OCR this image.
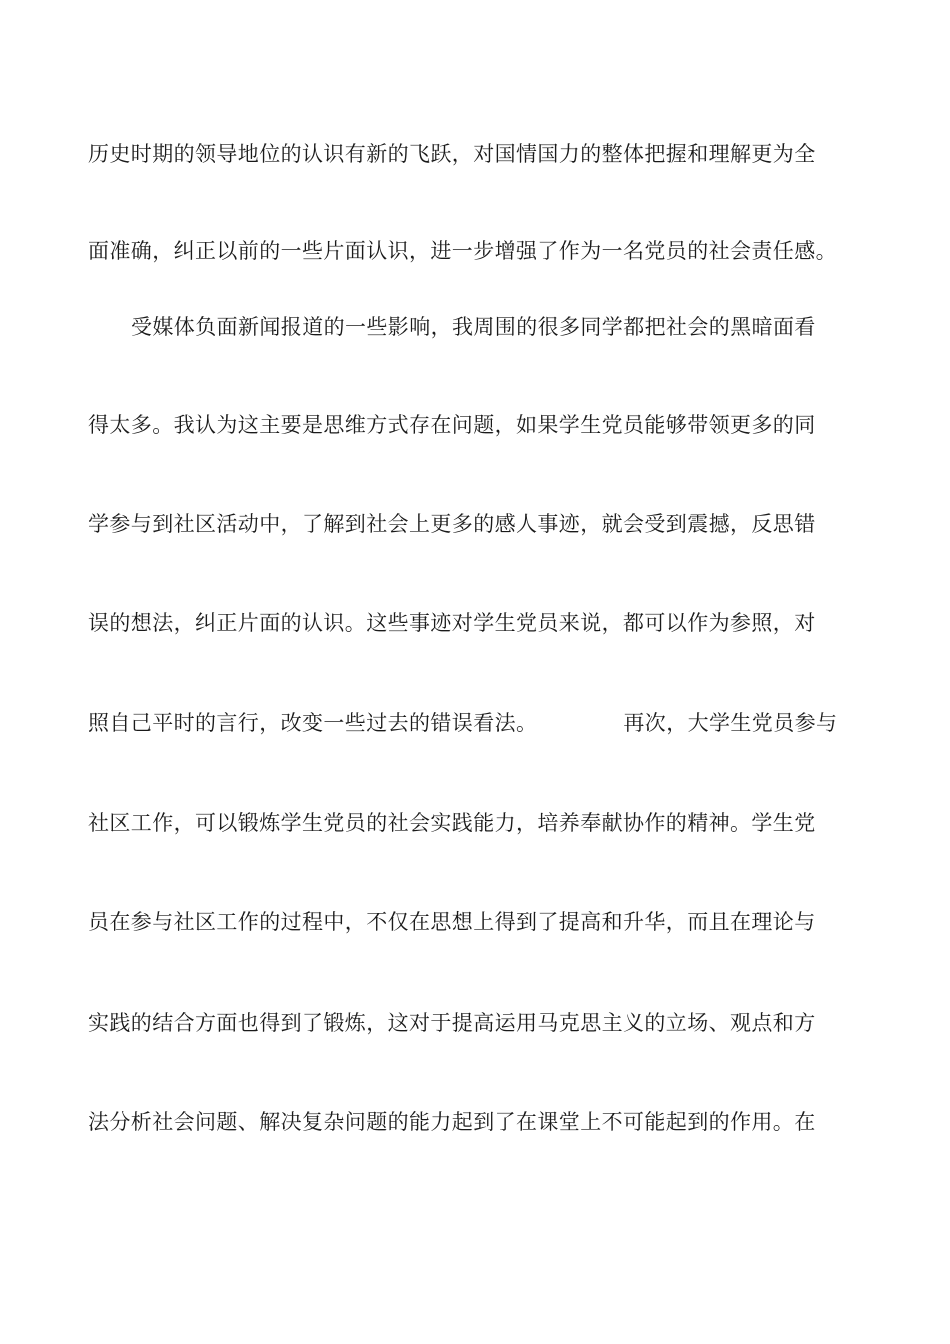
历史时期的领导地位的认识有新的飞跃，对国情国力的整体把握和理解更为全
面准确，纠正以前的一些片面认识，进一步增强了作为一名党员的社会责任感。
受媒体负面新闻报道的一些影响，我周围的很多同学都把社会的黑暗面看
得太多。我认为这主要是思维方式存在问题，如果学生党员能够带领更多的同
学参与到社区活动中，了解到社会上更多的感人事迹，就会受到震撼，反思错
误的想法，纠正片面的认识。这些事迹对学生党员来说，都可以作为参照，对
照自己平时的言行，改变一些过去的错误看法。	再次，大学生党员参与
社区工作，可以锻炼学生党员的社会实践能力，培养奉献协作的精神。学生党
员在参与社区工作的过程中，不仅在思想上得到了提高和升华，而且在理论与
实践的结合方面也得到了锻炼，这对于提高运用马克思主义的立场、观点和方
法分析社会问题、解决复杂问题的能力起到了在课堂上不可能起到的作用。在
